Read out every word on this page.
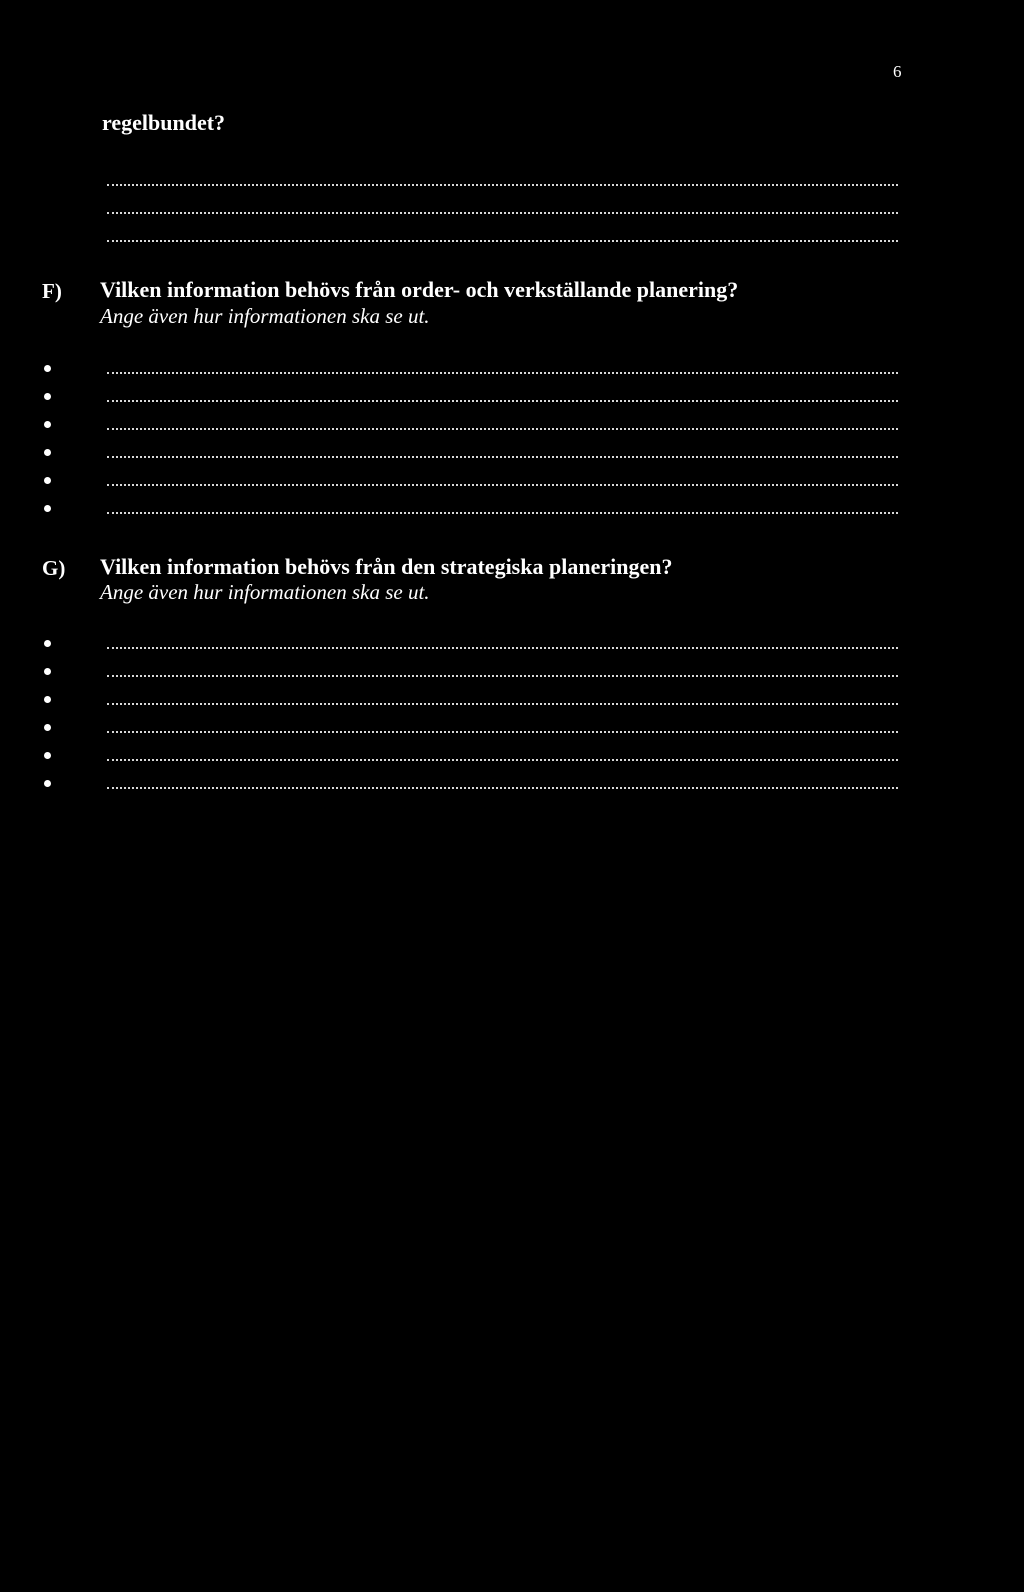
6
regelbundet?
F) Vilken information behövs från order- och verkställande planering?
Ange även hur informationen ska se ut.
G) Vilken information behövs från den strategiska planeringen?
Ange även hur informationen ska se ut.
